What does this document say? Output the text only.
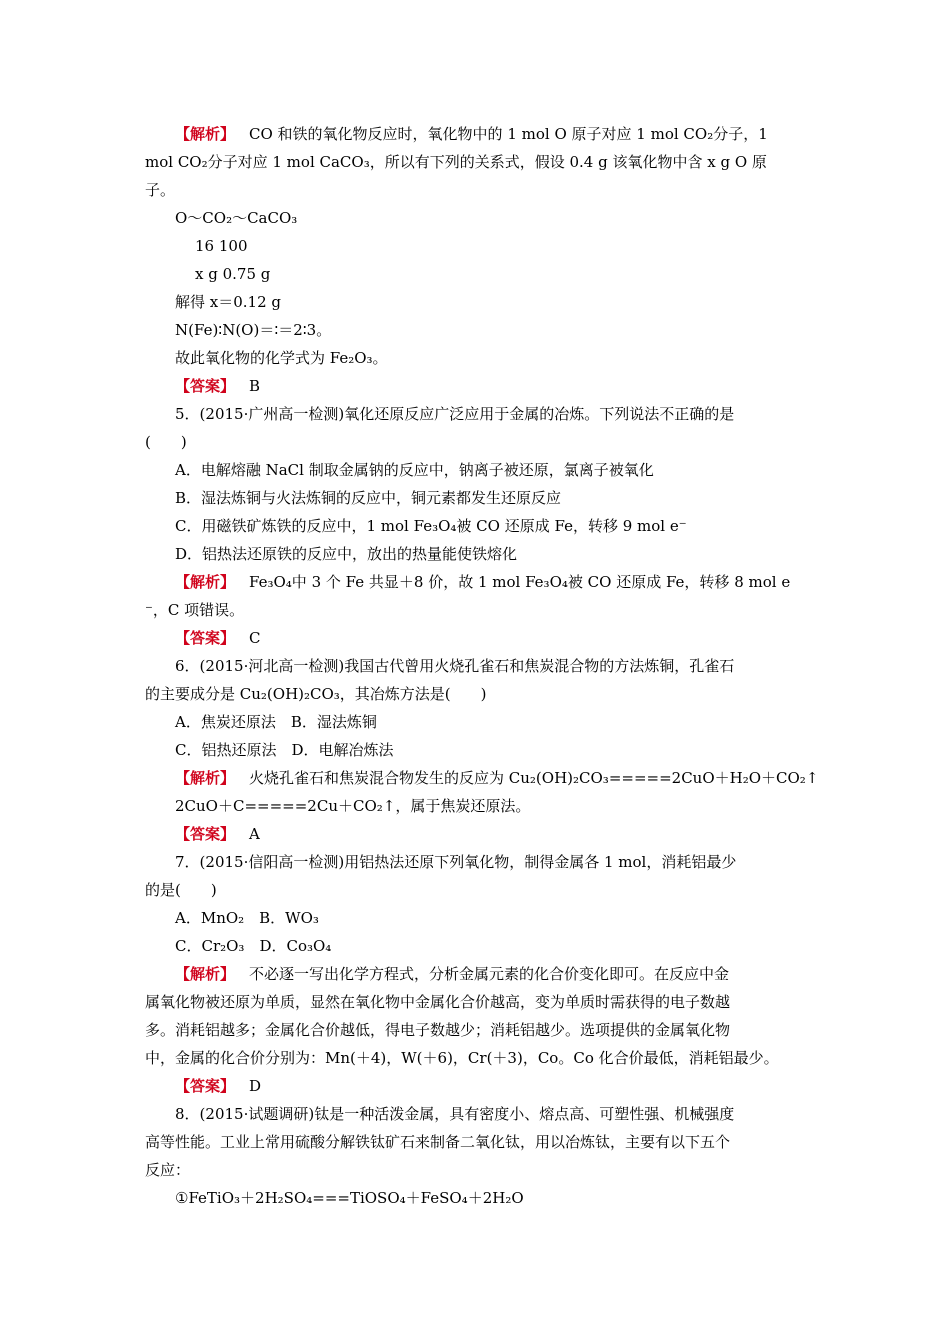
【解析】 CO 和铁的氧化物反应时，氧化物中的 1 mol O 原子对应 1 mol CO₂分子，1
mol CO₂分子对应 1 mol CaCO₃，所以有下列的关系式，假设 0.4 g 该氧化物中含 x g O 原
子。
O～CO₂～CaCO₃
16 100
x g 0.75 g
解得 x＝0.12 g
N(Fe)∶N(O)＝∶＝2∶3。
故此氧化物的化学式为 Fe₂O₃。
【答案】 B
5．(2015·广州高一检测)氧化还原反应广泛应用于金属的冶炼。下列说法不正确的是
(　　)
A．电解熔融 NaCl 制取金属钠的反应中，钠离子被还原，氯离子被氧化
B．湿法炼铜与火法炼铜的反应中，铜元素都发生还原反应
C．用磁铁矿炼铁的反应中，1 mol Fe₃O₄被 CO 还原成 Fe，转移 9 mol e⁻
D．铝热法还原铁的反应中，放出的热量能使铁熔化
【解析】 Fe₃O₄中 3 个 Fe 共显＋8 价，故 1 mol Fe₃O₄被 CO 还原成 Fe，转移 8 mol e
⁻，C 项错误。
【答案】 C
6．(2015·河北高一检测)我国古代曾用火烧孔雀石和焦炭混合物的方法炼铜，孔雀石
的主要成分是 Cu₂(OH)₂CO₃，其冶炼方法是(　　)
A．焦炭还原法　B．湿法炼铜
C．铝热还原法　D．电解冶炼法
【解析】 火烧孔雀石和焦炭混合物发生的反应为 Cu₂(OH)₂CO₃=====2CuO＋H₂O＋CO₂↑
2CuO＋C=====2Cu＋CO₂↑，属于焦炭还原法。
【答案】 A
7．(2015·信阳高一检测)用铝热法还原下列氧化物，制得金属各 1 mol，消耗铝最少
的是(　　)
A．MnO₂　B．WO₃
C．Cr₂O₃　D．Co₃O₄
【解析】 不必逐一写出化学方程式，分析金属元素的化合价变化即可。在反应中金
属氧化物被还原为单质，显然在氧化物中金属化合价越高，变为单质时需获得的电子数越
多。消耗铝越多；金属化合价越低，得电子数越少；消耗铝越少。选项提供的金属氧化物
中，金属的化合价分别为：Mn(＋4)，W(＋6)，Cr(＋3)，Co。Co 化合价最低，消耗铝最少。
【答案】 D
8．(2015·试题调研)钛是一种活泼金属，具有密度小、熔点高、可塑性强、机械强度
高等性能。工业上常用硫酸分解铁钛矿石来制备二氧化钛，用以冶炼钛，主要有以下五个
反应：
①FeTiO₃＋2H₂SO₄===TiOSO₄＋FeSO₄＋2H₂O
